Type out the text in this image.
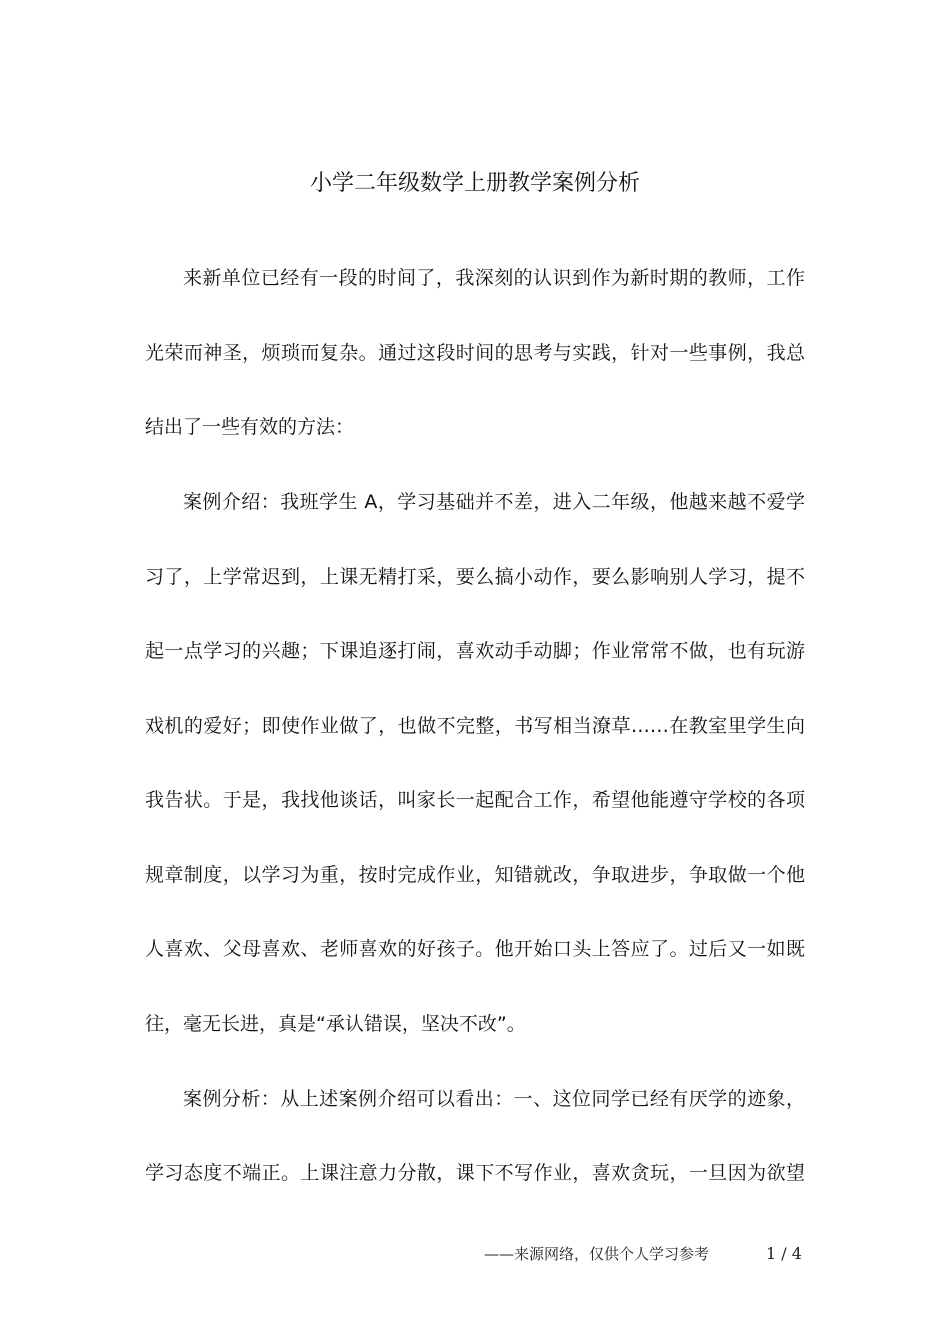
小学二年级数学上册教学案例分析

来新单位已经有一段的时间了，我深刻的认识到作为新时期的教师，工作

光荣而神圣，烦琐而复杂。通过这段时间的思考与实践，针对一些事例，我总

结出了一些有效的方法：

案例介绍：我班学生 A，学习基础并不差，进入二年级，他越来越不爱学

习了，上学常迟到，上课无精打采，要么搞小动作，要么影响别人学习，提不

起一点学习的兴趣；下课追逐打闹，喜欢动手动脚；作业常常不做，也有玩游

戏机的爱好；即使作业做了，也做不完整，书写相当潦草……在教室里学生向

我告状。于是，我找他谈话，叫家长一起配合工作，希望他能遵守学校的各项

规章制度，以学习为重，按时完成作业，知错就改，争取进步，争取做一个他

人喜欢、父母喜欢、老师喜欢的好孩子。他开始口头上答应了。过后又一如既

往，毫无长进，真是“承认错误，坚决不改”。

案例分析：从上述案例介绍可以看出：一、这位同学已经有厌学的迹象，

学习态度不端正。上课注意力分散，课下不写作业，喜欢贪玩，一旦因为欲望

——来源网络，仅供个人学习参考	1 / 4
